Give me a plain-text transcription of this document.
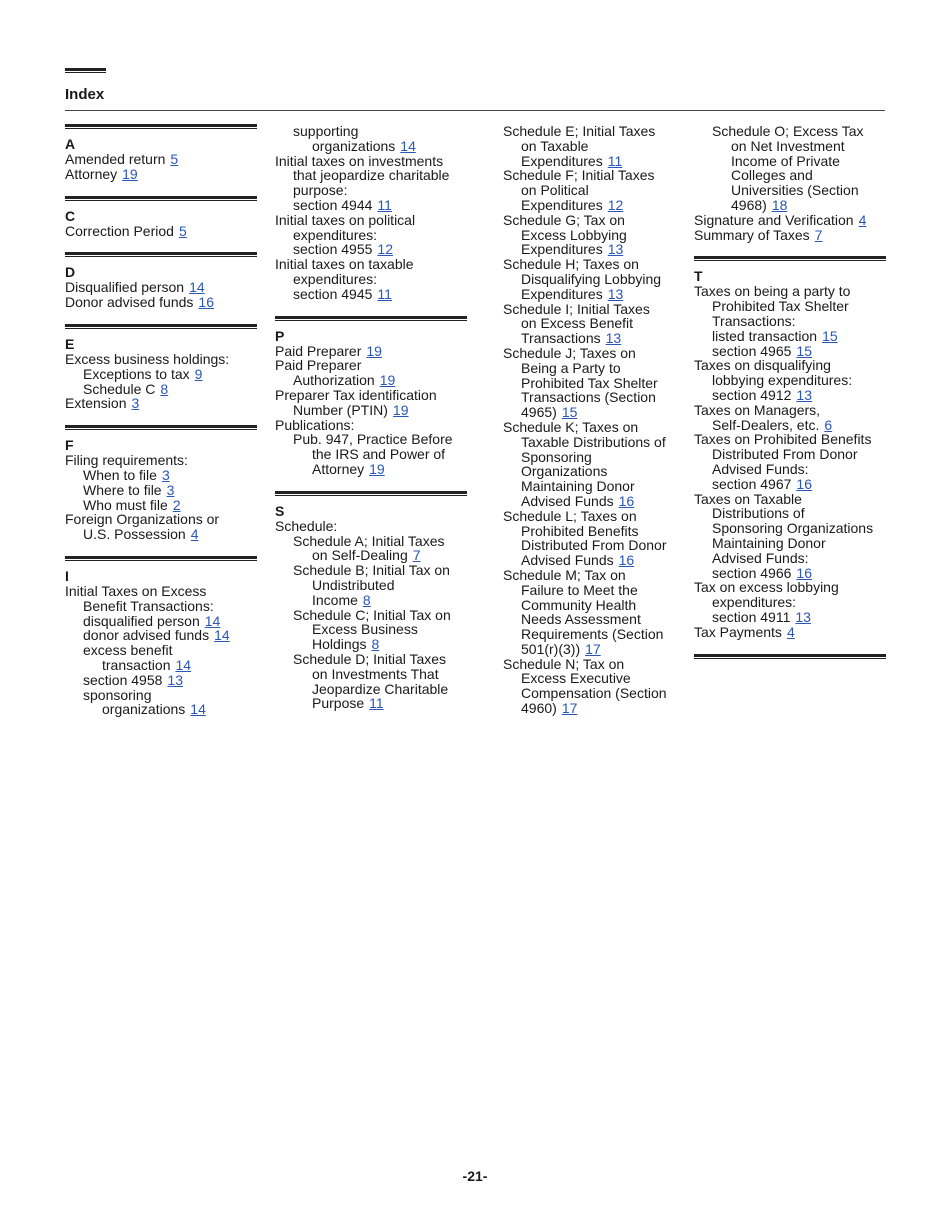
Index
A
Amended return 5
Attorney 19
C
Correction Period 5
D
Disqualified person 14
Donor advised funds 16
E
Excess business holdings:
Exceptions to tax 9
Schedule C 8
Extension 3
F
Filing requirements:
When to file 3
Where to file 3
Who must file 2
Foreign Organizations or
U.S. Possession 4
I
Initial Taxes on Excess
Benefit Transactions:
disqualified person 14
donor advised funds 14
excess benefit
transaction 14
section 4958 13
sponsoring
organizations 14
supporting
organizations 14
Initial taxes on investments
that jeopardize charitable
purpose:
section 4944 11
Initial taxes on political
expenditures:
section 4955 12
Initial taxes on taxable
expenditures:
section 4945 11
P
Paid Preparer 19
Paid Preparer
Authorization 19
Preparer Tax identification
Number (PTIN) 19
Publications:
Pub. 947, Practice Before
the IRS and Power of
Attorney 19
S
Schedule:
Schedule A; Initial Taxes
on Self-Dealing 7
Schedule B; Initial Tax on
Undistributed
Income 8
Schedule C; Initial Tax on
Excess Business
Holdings 8
Schedule D; Initial Taxes
on Investments That
Jeopardize Charitable
Purpose 11
Schedule E; Initial Taxes
on Taxable
Expenditures 11
Schedule F; Initial Taxes
on Political
Expenditures 12
Schedule G; Tax on
Excess Lobbying
Expenditures 13
Schedule H; Taxes on
Disqualifying Lobbying
Expenditures 13
Schedule I; Initial Taxes
on Excess Benefit
Transactions 13
Schedule J; Taxes on
Being a Party to
Prohibited Tax Shelter
Transactions (Section
4965) 15
Schedule K; Taxes on
Taxable Distributions of
Sponsoring
Organizations
Maintaining Donor
Advised Funds 16
Schedule L; Taxes on
Prohibited Benefits
Distributed From Donor
Advised Funds 16
Schedule M; Tax on
Failure to Meet the
Community Health
Needs Assessment
Requirements (Section
501(r)(3)) 17
Schedule N; Tax on
Excess Executive
Compensation (Section
4960) 17
Schedule O; Excess Tax
on Net Investment
Income of Private
Colleges and
Universities (Section
4968) 18
Signature and Verification 4
Summary of Taxes 7
T
Taxes on being a party to
Prohibited Tax Shelter
Transactions:
listed transaction 15
section 4965 15
Taxes on disqualifying
lobbying expenditures:
section 4912 13
Taxes on Managers,
Self-Dealers, etc. 6
Taxes on Prohibited Benefits
Distributed From Donor
Advised Funds:
section 4967 16
Taxes on Taxable
Distributions of
Sponsoring Organizations
Maintaining Donor
Advised Funds:
section 4966 16
Tax on excess lobbying
expenditures:
section 4911 13
Tax Payments 4
-21-
